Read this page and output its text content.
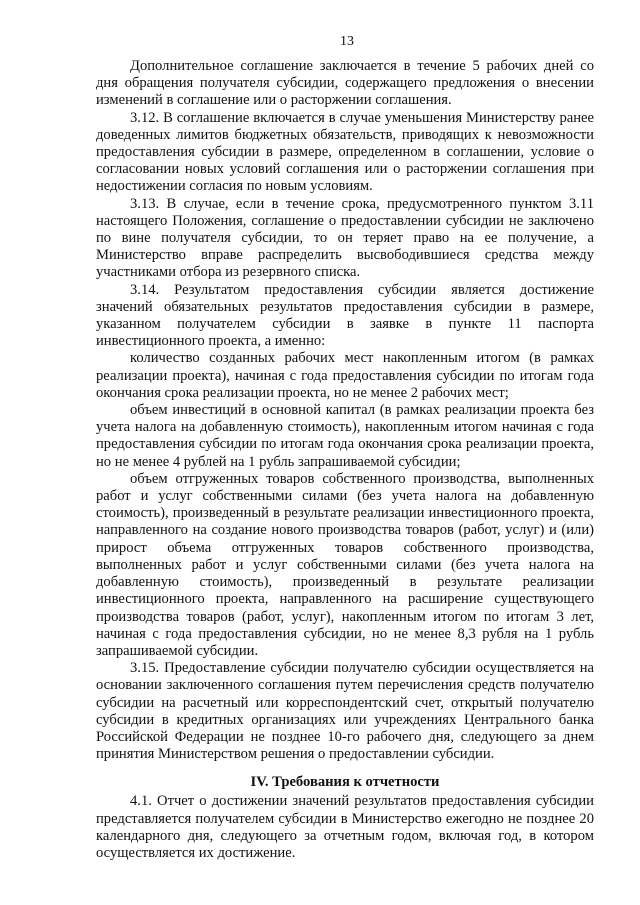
13

Дополнительное соглашение заключается в течение 5 рабочих дней со дня обращения получателя субсидии, содержащего предложения о внесении изменений в соглашение или о расторжении соглашения.

3.12. В соглашение включается в случае уменьшения Министерству ранее доведенных лимитов бюджетных обязательств, приводящих к невозможности предоставления субсидии в размере, определенном в соглашении, условие о согласовании новых условий соглашения или о расторжении соглашения при недостижении согласия по новым условиям.

3.13. В случае, если в течение срока, предусмотренного пунктом 3.11 настоящего Положения, соглашение о предоставлении субсидии не заключено по вине получателя субсидии, то он теряет право на ее получение, а Министерство вправе распределить высвободившиеся средства между участниками отбора из резервного списка.

3.14. Результатом предоставления субсидии является достижение значений обязательных результатов предоставления субсидии в размере, указанном получателем субсидии в заявке в пункте 11 паспорта инвестиционного проекта, а именно:

количество созданных рабочих мест накопленным итогом (в рамках реализации проекта), начиная с года предоставления субсидии по итогам года окончания срока реализации проекта, но не менее 2 рабочих мест;

объем инвестиций в основной капитал (в рамках реализации проекта без учета налога на добавленную стоимость), накопленным итогом начиная с года предоставления субсидии по итогам года окончания срока реализации проекта, но не менее 4 рублей на 1 рубль запрашиваемой субсидии;

объем отгруженных товаров собственного производства, выполненных работ и услуг собственными силами (без учета налога на добавленную стоимость), произведенный в результате реализации инвестиционного проекта, направленного на создание нового производства товаров (работ, услуг) и (или) прирост объема отгруженных товаров собственного производства, выполненных работ и услуг собственными силами (без учета налога на добавленную стоимость), произведенный в результате реализации инвестиционного проекта, направленного на расширение существующего производства товаров (работ, услуг), накопленным итогом по итогам 3 лет, начиная с года предоставления субсидии, но не менее 8,3 рубля на 1 рубль запрашиваемой субсидии.

3.15. Предоставление субсидии получателю субсидии осуществляется на основании заключенного соглашения путем перечисления средств получателю субсидии на расчетный или корреспондентский счет, открытый получателю субсидии в кредитных организациях или учреждениях Центрального банка Российской Федерации не позднее 10-го рабочего дня, следующего за днем принятия Министерством решения о предоставлении субсидии.

IV. Требования к отчетности

4.1. Отчет о достижении значений результатов предоставления субсидии представляется получателем субсидии в Министерство ежегодно не позднее 20 календарного дня, следующего за отчетным годом, включая год, в котором осуществляется их достижение.
